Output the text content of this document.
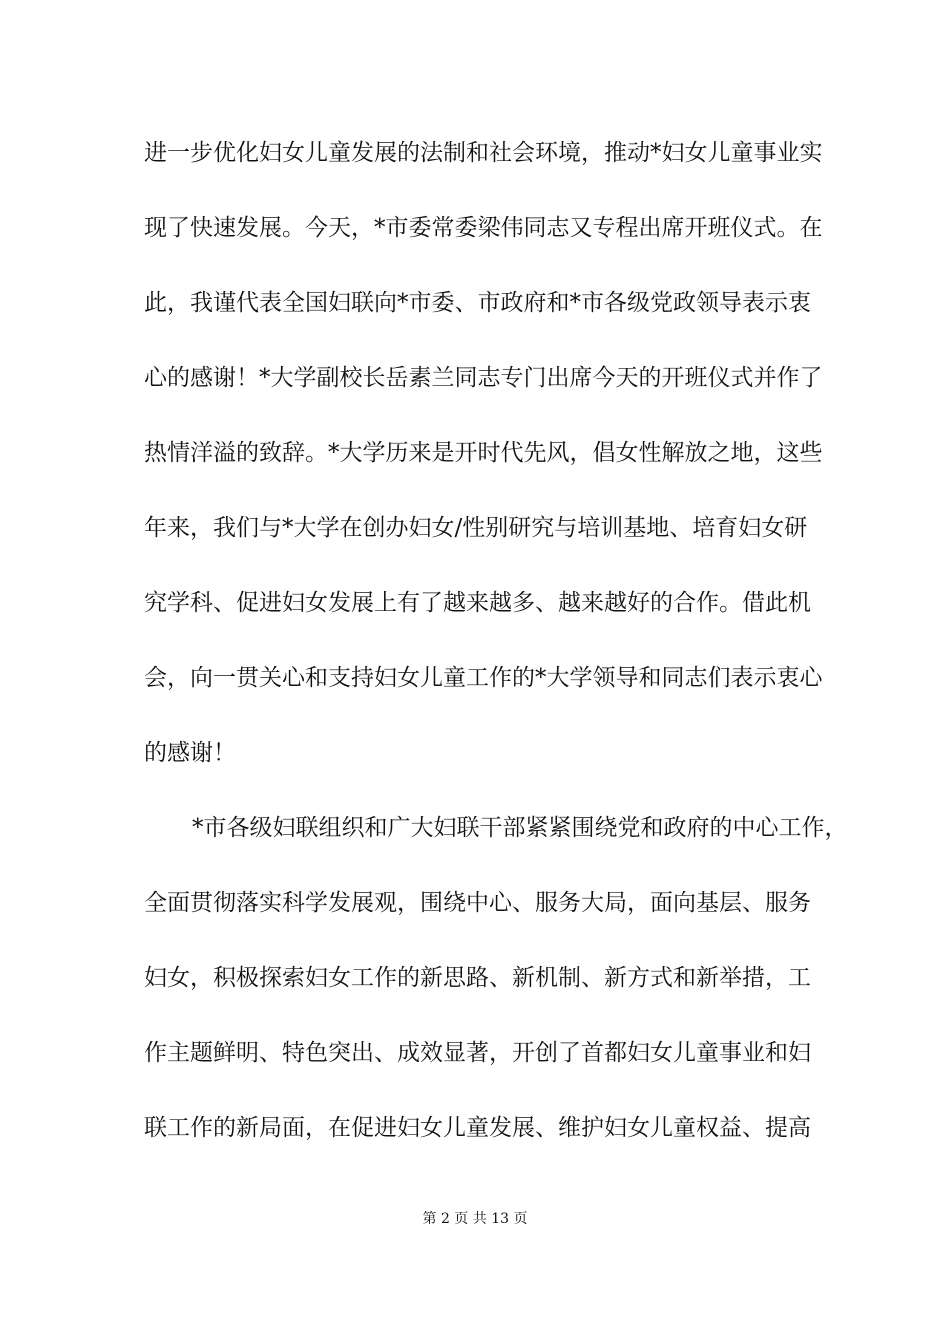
进一步优化妇女儿童发展的法制和社会环境，推动*妇女儿童事业实
现了快速发展。今天，*市委常委梁伟同志又专程出席开班仪式。在
此，我谨代表全国妇联向*市委、市政府和*市各级党政领导表示衷
心的感谢！*大学副校长岳素兰同志专门出席今天的开班仪式并作了
热情洋溢的致辞。*大学历来是开时代先风，倡女性解放之地，这些
年来，我们与*大学在创办妇女/性别研究与培训基地、培育妇女研
究学科、促进妇女发展上有了越来越多、越来越好的合作。借此机
会，向一贯关心和支持妇女儿童工作的*大学领导和同志们表示衷心
的感谢！
*市各级妇联组织和广大妇联干部紧紧围绕党和政府的中心工作，
全面贯彻落实科学发展观，围绕中心、服务大局，面向基层、服务
妇女，积极探索妇女工作的新思路、新机制、新方式和新举措，工
作主题鲜明、特色突出、成效显著，开创了首都妇女儿童事业和妇
联工作的新局面，在促进妇女儿童发展、维护妇女儿童权益、提高
第 2 页 共 13 页
